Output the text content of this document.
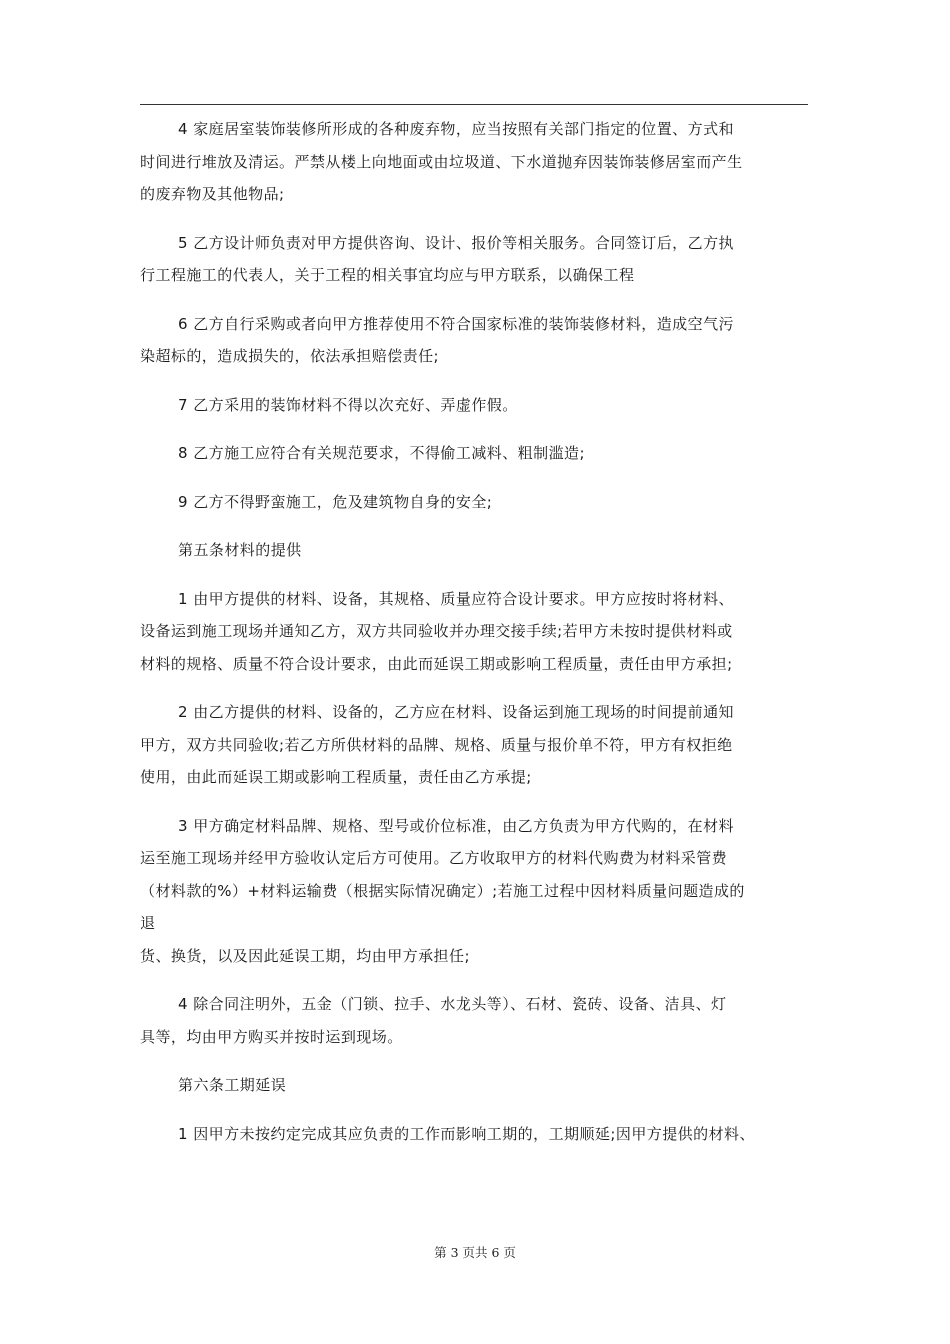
4 家庭居室装饰装修所形成的各种废弃物，应当按照有关部门指定的位置、方式和
时间进行堆放及清运。严禁从楼上向地面或由垃圾道、下水道抛弃因装饰装修居室而产生
的废弃物及其他物品;

5 乙方设计师负责对甲方提供咨询、设计、报价等相关服务。合同签订后，乙方执
行工程施工的代表人，关于工程的相关事宜均应与甲方联系，以确保工程

6 乙方自行采购或者向甲方推荐使用不符合国家标准的装饰装修材料，造成空气污
染超标的，造成损失的，依法承担赔偿责任;

7 乙方采用的装饰材料不得以次充好、弄虚作假。

8 乙方施工应符合有关规范要求，不得偷工减料、粗制滥造;

9 乙方不得野蛮施工，危及建筑物自身的安全;

第五条材料的提供

1 由甲方提供的材料、设备，其规格、质量应符合设计要求。甲方应按时将材料、
设备运到施工现场并通知乙方，双方共同验收并办理交接手续;若甲方未按时提供材料或
材料的规格、质量不符合设计要求，由此而延误工期或影响工程质量，责任由甲方承担;

2 由乙方提供的材料、设备的，乙方应在材料、设备运到施工现场的时间提前通知
甲方，双方共同验收;若乙方所供材料的品牌、规格、质量与报价单不符，甲方有权拒绝
使用，由此而延误工期或影响工程质量，责任由乙方承提;

3 甲方确定材料品牌、规格、型号或价位标准，由乙方负责为甲方代购的，在材料
运至施工现场并经甲方验收认定后方可使用。乙方收取甲方的材料代购费为材料采管费
（材料款的%）+材料运输费（根据实际情况确定）;若施工过程中因材料质量问题造成的
退
货、换货，以及因此延误工期，均由甲方承担任;

4 除合同注明外，五金（门锁、拉手、水龙头等）、石材、瓷砖、设备、洁具、灯
具等，均由甲方购买并按时运到现场。

第六条工期延误

1 因甲方未按约定完成其应负责的工作而影响工期的，工期顺延;因甲方提供的材料、

第 3 页共 6 页
